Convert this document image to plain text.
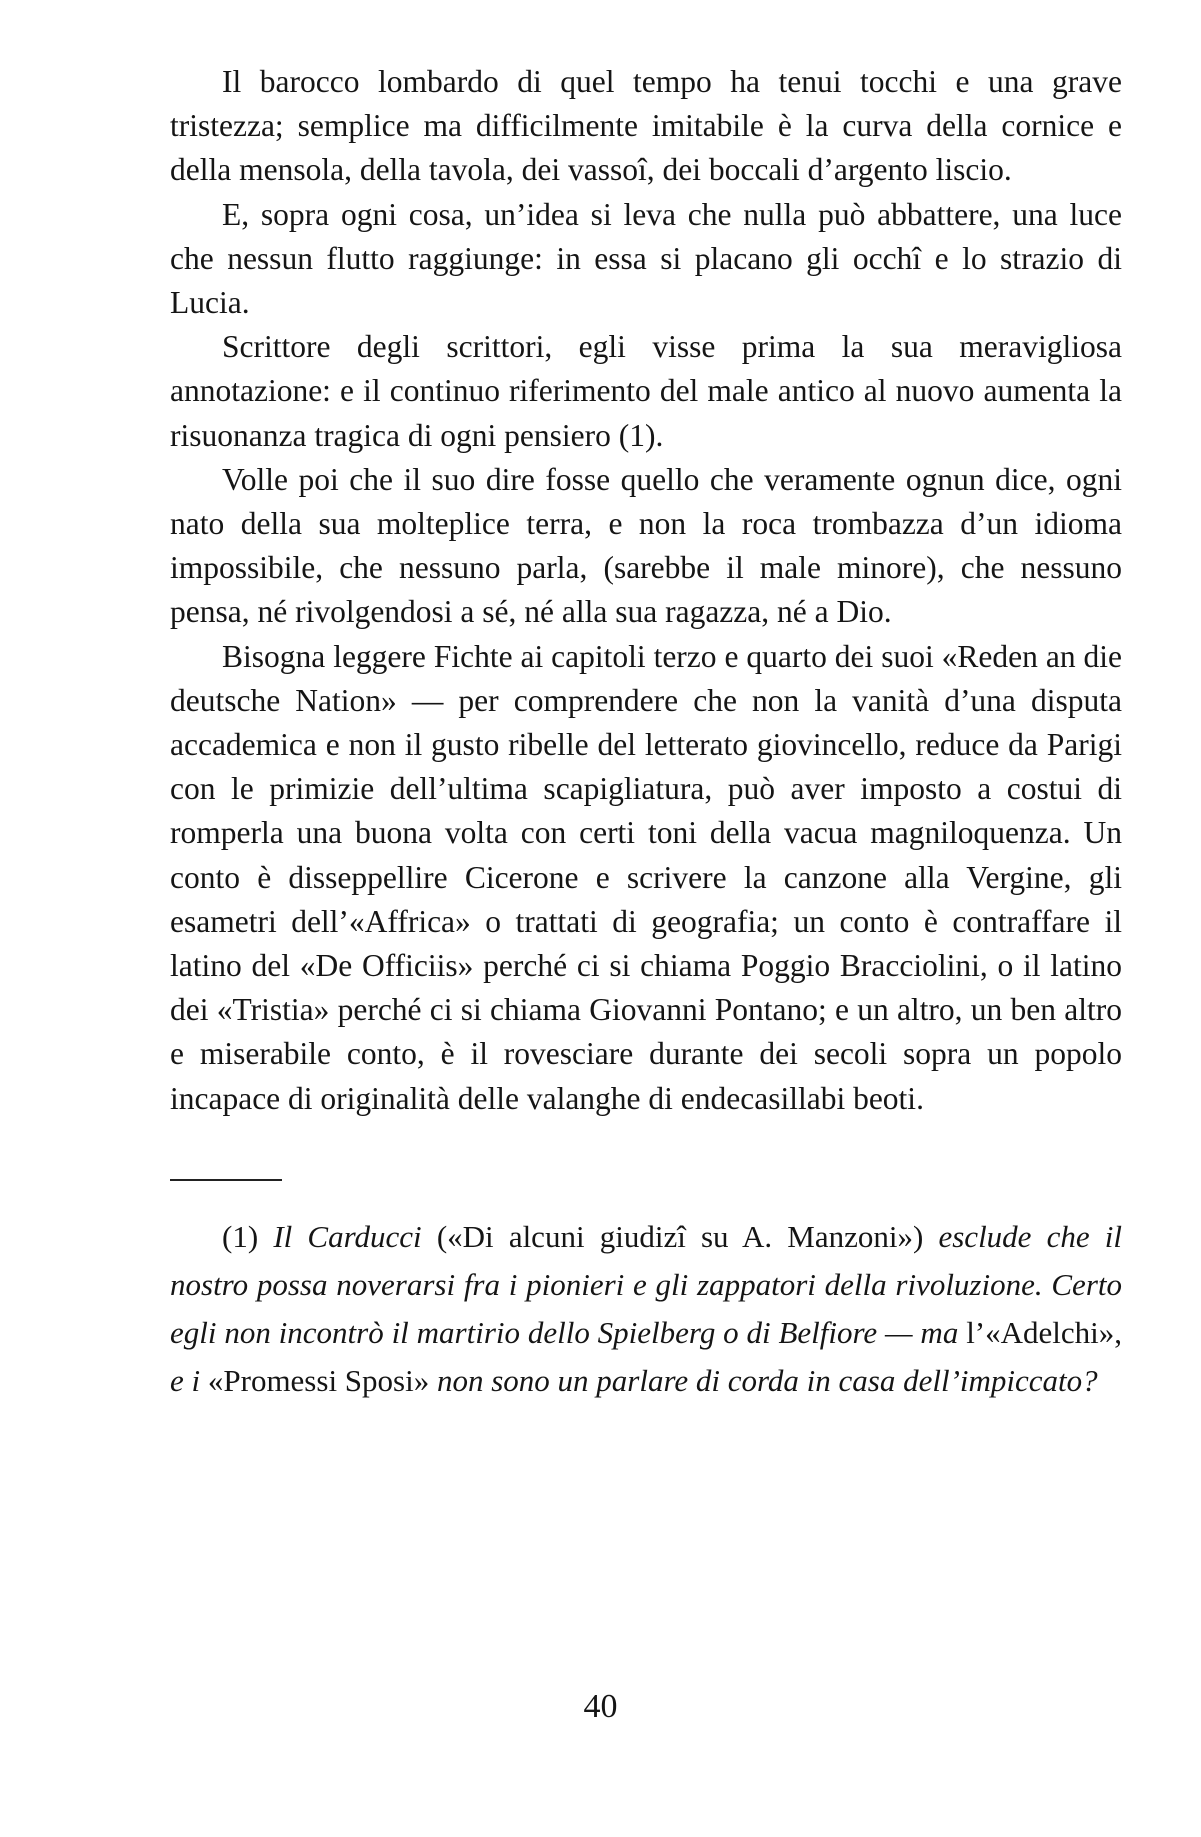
Il barocco lombardo di quel tempo ha tenui tocchi e una grave tristezza; semplice ma difficilmente imitabile è la curva della cornice e della mensola, della tavola, dei vassoî, dei boccali d’argento liscio.

E, sopra ogni cosa, un’idea si leva che nulla può abbattere, una luce che nessun flutto raggiunge: in essa si placano gli occhî e lo strazio di Lucia.

Scrittore degli scrittori, egli visse prima la sua meravigliosa annotazione: e il continuo riferimento del male antico al nuovo aumenta la risuonanza tragica di ogni pensiero (1).

Volle poi che il suo dire fosse quello che veramente ognun dice, ogni nato della sua molteplice terra, e non la roca trombazza d’un idioma impossibile, che nessuno parla, (sarebbe il male minore), che nessuno pensa, né rivolgendosi a sé, né alla sua ragazza, né a Dio.

Bisogna leggere Fichte ai capitoli terzo e quarto dei suoi «Reden an die deutsche Nation» — per comprendere che non la vanità d’una disputa accademica e non il gusto ribelle del letterato giovincello, reduce da Parigi con le primizie dell’ultima scapigliatura, può aver imposto a costui di romperla una buona volta con certi toni della vacua magniloquenza. Un conto è disseppellire Cicerone e scrivere la canzone alla Vergine, gli esametri dell’«Affrica» o trattati di geografia; un conto è contraffare il latino del «De Officiis» perché ci si chiama Poggio Bracciolini, o il latino dei «Tristia» perché ci si chiama Giovanni Pontano; e un altro, un ben altro e miserabile conto, è il rovesciare durante dei secoli sopra un popolo incapace di originalità delle valanghe di endecasillabi beoti.

(1) Il Carducci («Di alcuni giudizî su A. Manzoni») esclude che il nostro possa noverarsi fra i pionieri e gli zappatori della rivoluzione. Certo egli non incontrò il martirio dello Spielberg o di Belfiore — ma l’«Adelchi», e i «Promessi Sposi» non sono un parlare di corda in casa dell’impiccato?

40
